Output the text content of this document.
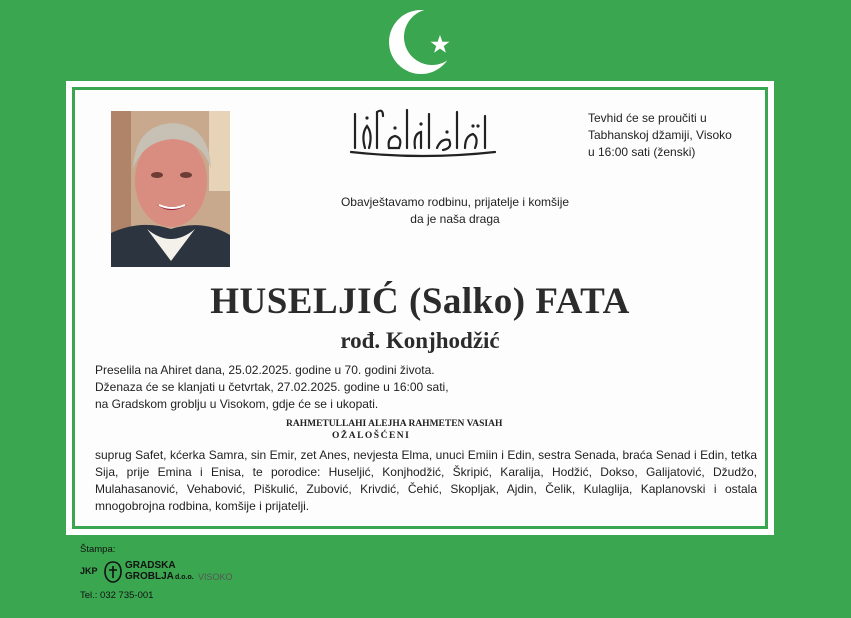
Tevhid će se proučiti u
Tabhanskoj džamiji, Visoko
u 16:00 sati (ženski)
Obavještavamo rodbinu, prijatelje i komšije
da je naša draga
HUSELJIĆ (Salko) FATA
rođ. Konjhodžić
Preselila na Ahiret dana, 25.02.2025. godine u 70. godini života.
Dženaza će se klanjati u četvrtak, 27.02.2025. godine u 16:00 sati,
na Gradskom groblju u Visokom, gdje će se i ukopati.
RAHMETULLAHI ALEJHA RAHMETEN VASIAH
OŽALOŠĆENI
suprug Safet, kćerka Samra, sin Emir, zet Anes, nevjesta Elma, unuci Emiin i Edin, sestra Senada, braća Senad i Edin, tetka Sija, prije Emina i Enisa, te porodice: Huseljić, Konjhodžić, Škripić, Karalija, Hodžić, Dokso, Galijatović, Džudžo, Mulahasanović, Vehabović, Piškulić, Zubović, Krivdić, Čehić, Skopljak, Ajdin, Čelik, Kulaglija, Kaplanovski i ostala mnogobrojna rodbina, komšije i prijatelji.
Štampa:
JKP	GRADSKA
GROBLJA d.o.o. VISOKO
Tel.: 032 735-001
